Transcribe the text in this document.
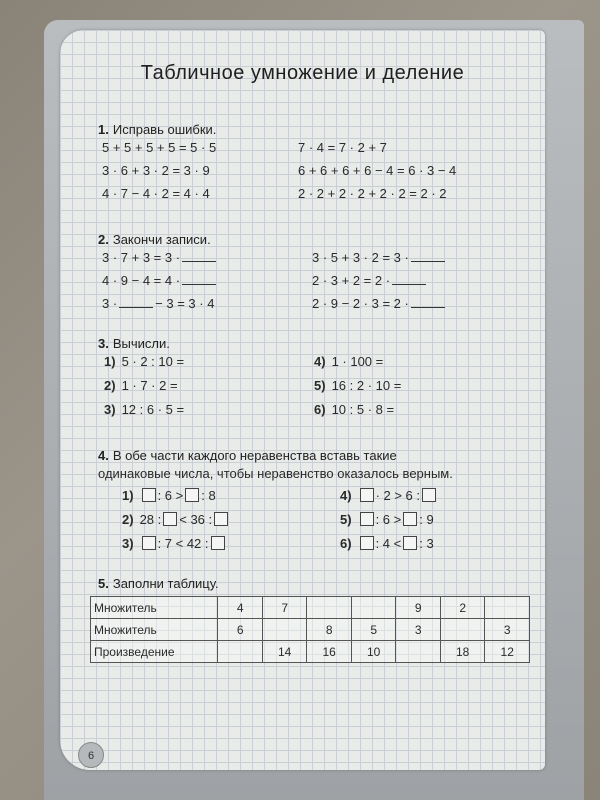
Табличное умножение и деление
1. Исправь ошибки.
5 + 5 + 5 + 5 = 5 · 5
3 · 6 + 3 · 2 = 3 · 9
4 · 7 − 4 · 2 = 4 · 4
7 · 4 = 7 · 2 + 7
6 + 6 + 6 + 6 − 4 = 6 · 3 − 4
2 · 2 + 2 · 2 + 2 · 2 = 2 · 2
2. Закончи записи.
3 · 7 + 3 = 3 ·
4 · 9 − 4 = 4 ·
3 ·	− 3 = 3 · 4
3 · 5 + 3 · 2 = 3 ·
2 · 3 + 2 = 2 ·
2 · 9 − 2 · 3 = 2 ·
3. Вычисли.
1) 5 · 2 : 10 =
2) 1 · 7 · 2 =
3) 12 : 6 · 5 =
4) 1 · 100 =
5) 16 : 2 · 10 =
6) 10 : 5 · 8 =
4. В обе части каждого неравенства вставь такие
одинаковые числа, чтобы неравенство оказалось верным.
1) : 6 > : 8
2) 28 : < 36 :
3) : 7 < 42 :
4) · 2 > 6 :
5) : 6 > : 9
6) : 4 < : 3
5. Заполни таблицу.
Множитель	4	7			9	2	
Множитель	6		8	5	3		3
Произведение		14	16	10		18	12
6
